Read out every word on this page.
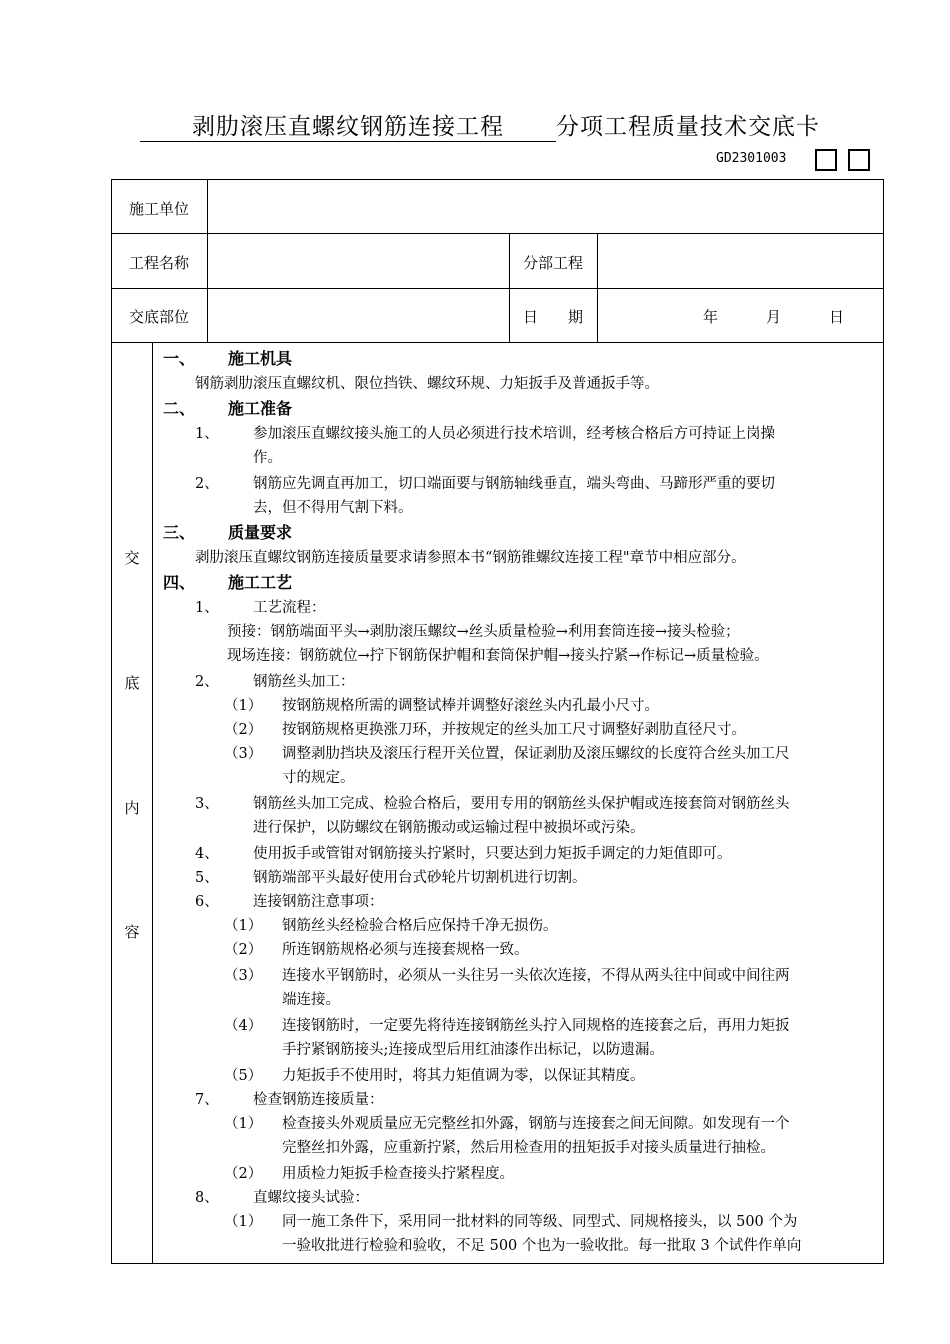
剥肋滚压直螺纹钢筋连接工程 分项工程质量技术交底卡
GD2301003
施工单位
工程名称	分部工程
交底部位	日　　期	年	月	日
交
底
内
容
一、 施工机具
钢筋剥肋滚压直螺纹机、限位挡铁、螺纹环规、力矩扳手及普通扳手等。
二、 施工准备
1、 参加滚压直螺纹接头施工的人员必须进行技术培训，经考核合格后方可持证上岗操
作。
2、 钢筋应先调直再加工，切口端面要与钢筋轴线垂直，端头弯曲、马蹄形严重的要切
去，但不得用气割下料。
三、 质量要求
剥肋滚压直螺纹钢筋连接质量要求请参照本书“钢筋锥螺纹连接工程"章节中相应部分。
四、 施工工艺
1、 工艺流程：
预接：钢筋端面平头→剥肋滚压螺纹→丝头质量检验→利用套筒连接→接头检验；
现场连接：钢筋就位→拧下钢筋保护帽和套筒保护帽→接头拧紧→作标记→质量检验。
2、 钢筋丝头加工：
（1） 按钢筋规格所需的调整试棒并调整好滚丝头内孔最小尺寸。
（2） 按钢筋规格更换涨刀环，并按规定的丝头加工尺寸调整好剥肋直径尺寸。
（3） 调整剥肋挡块及滚压行程开关位置，保证剥肋及滚压螺纹的长度符合丝头加工尺
寸的规定。
3、 钢筋丝头加工完成、检验合格后，要用专用的钢筋丝头保护帽或连接套筒对钢筋丝头
进行保护，以防螺纹在钢筋搬动或运输过程中被损坏或污染。
4、 使用扳手或管钳对钢筋接头拧紧时，只要达到力矩扳手调定的力矩值即可。
5、 钢筋端部平头最好使用台式砂轮片切割机进行切割。
6、 连接钢筋注意事项：
（1） 钢筋丝头经检验合格后应保持千净无损伤。
（2） 所连钢筋规格必须与连接套规格一致。
（3） 连接水平钢筋时，必须从一头往另一头依次连接，不得从两头往中间或中间往两
端连接。
（4） 连接钢筋时，一定要先将待连接钢筋丝头拧入同规格的连接套之后，再用力矩扳
手拧紧钢筋接头;连接成型后用红油漆作出标记，以防遗漏。
（5） 力矩扳手不使用时，将其力矩值调为零，以保证其精度。
7、 检查钢筋连接质量：
（1） 检查接头外观质量应无完整丝扣外露，钢筋与连接套之间无间隙。如发现有一个
完整丝扣外露，应重新拧紧，然后用检查用的扭矩扳手对接头质量进行抽检。
（2） 用质检力矩扳手检查接头拧紧程度。
8、 直螺纹接头试验：
（1） 同一施工条件下，采用同一批材料的同等级、同型式、同规格接头，以 500 个为
一验收批进行检验和验收，不足 500 个也为一验收批。每一批取 3 个试件作单向
